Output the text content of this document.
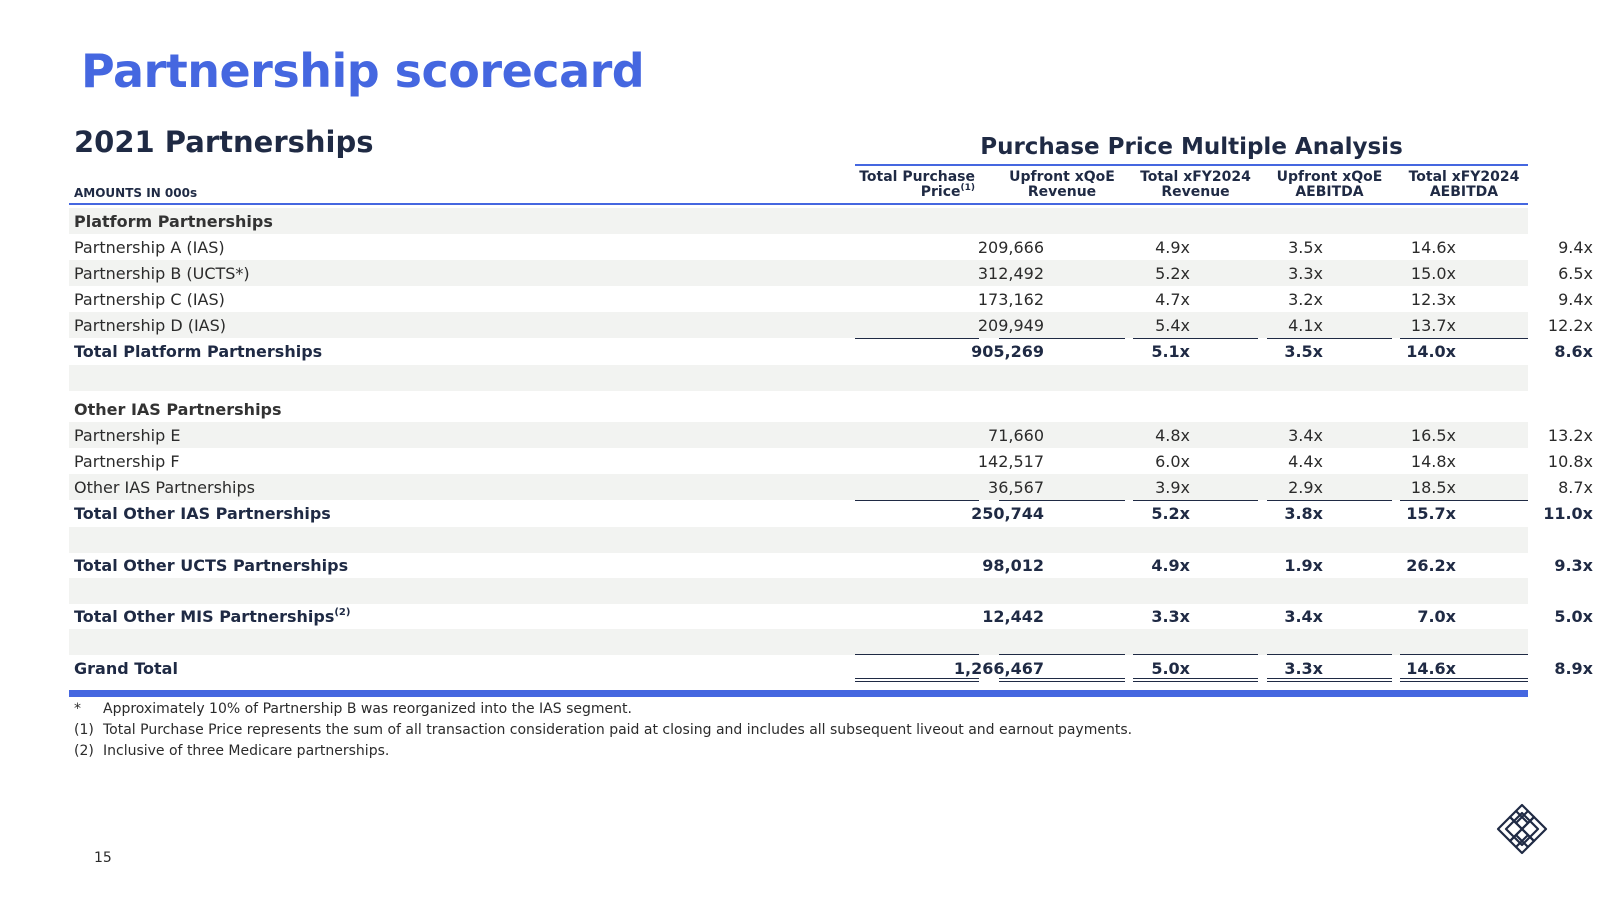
Partnership scorecard
2021 Partnerships
AMOUNTS IN 000s
Purchase Price Multiple Analysis
Total Purchase
Price$^{(1)}$
Upfront xQoE
Revenue
Total xFY2024
Revenue
Upfront xQoE
AEBITDA
Total xFY2024
AEBITDA
Platform Partnerships
Partnership A (IAS)	209,666	4.9x	3.5x	14.6x	9.4x
Partnership B (UCTS*)	312,492	5.2x	3.3x	15.0x	6.5x
Partnership C (IAS)	173,162	4.7x	3.2x	12.3x	9.4x
Partnership D (IAS)	209,949	5.4x	4.1x	13.7x	12.2x
Total Platform Partnerships	905,269	5.1x	3.5x	14.0x	8.6x
Other IAS Partnerships
Partnership E	71,660	4.8x	3.4x	16.5x	13.2x
Partnership F	142,517	6.0x	4.4x	14.8x	10.8x
Other IAS Partnerships	36,567	3.9x	2.9x	18.5x	8.7x
Total Other IAS Partnerships	250,744	5.2x	3.8x	15.7x	11.0x
Total Other UCTS Partnerships	98,012	4.9x	1.9x	26.2x	9.3x
Total Other MIS Partnerships$^{(2)}$	12,442	3.3x	3.4x	7.0x	5.0x
Grand Total	1,266,467	5.0x	3.3x	14.6x	8.9x
* Approximately 10% of Partnership B was reorganized into the IAS segment.
(1) Total Purchase Price represents the sum of all transaction consideration paid at closing and includes all subsequent liveout and earnout payments.
(2) Inclusive of three Medicare partnerships.
15
